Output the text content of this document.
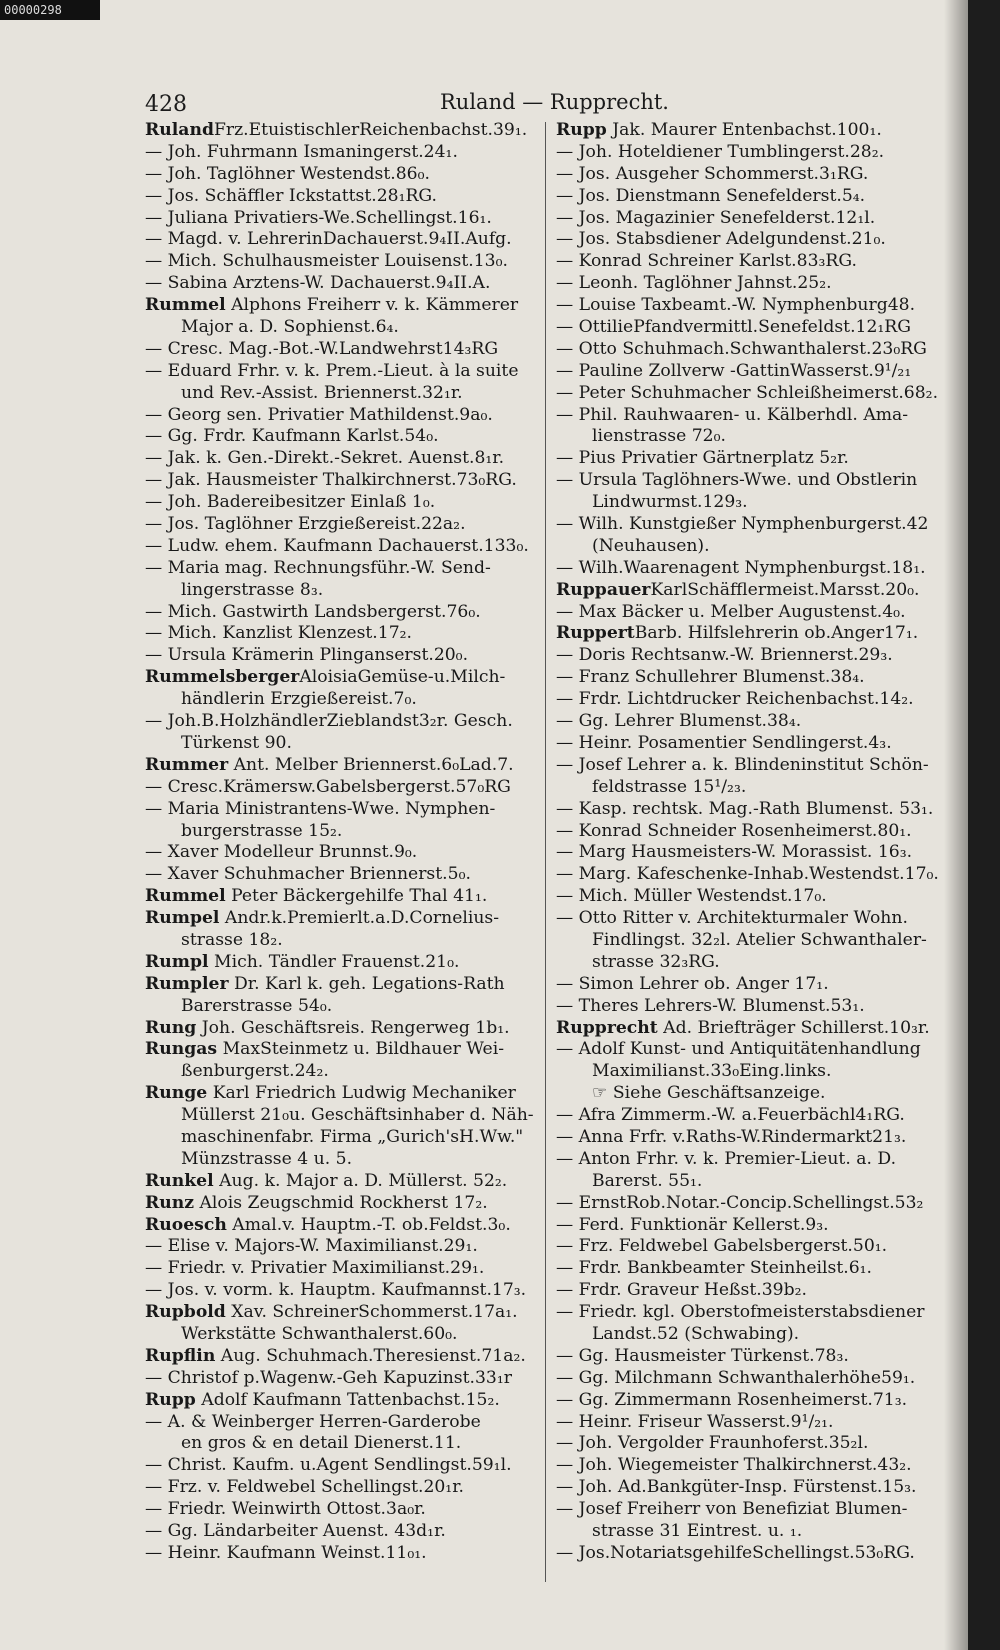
00000298
428	Ruland — Rupprecht.
RulandFrz.EtuistischlerReichenbachst.39₁.
— Joh. Fuhrmann Ismaningerst.24₁.
— Joh. Taglöhner Westendst.86₀.
— Jos. Schäffler Ickstattst.28₁RG.
— Juliana Privatiers-We.Schellingst.16₁.
— Magd. v. LehrerinDachauerst.9₄II.Aufg.
— Mich. Schulhausmeister Louisenst.13₀.
— Sabina Arztens-W. Dachauerst.9₄II.A.
Rummel Alphons Freiherr v. k. Kämmerer
Major a. D. Sophienst.6₄.
— Cresc. Mag.-Bot.-W.Landwehrst14₃RG
— Eduard Frhr. v. k. Prem.-Lieut. à la suite
und Rev.-Assist. Briennerst.32₁r.
— Georg sen. Privatier Mathildenst.9a₀.
— Gg. Frdr. Kaufmann Karlst.54₀.
— Jak. k. Gen.-Direkt.-Sekret. Auenst.8₁r.
— Jak. Hausmeister Thalkirchnerst.73₀RG.
— Joh. Badereibesitzer Einlaß 1₀.
— Jos. Taglöhner Erzgießereist.22a₂.
— Ludw. ehem. Kaufmann Dachauerst.133₀.
— Maria mag. Rechnungsführ.-W. Send-
lingerstrasse 8₃.
— Mich. Gastwirth Landsbergerst.76₀.
— Mich. Kanzlist Klenzest.17₂.
— Ursula Krämerin Plinganserst.20₀.
RummelsbergerAloisiaGemüse-u.Milch-
händlerin Erzgießereist.7₀.
— Joh.B.HolzhändlerZieblandst3₂r. Gesch.
Türkenst 90.
Rummer Ant. Melber Briennerst.6₀Lad.7.
— Cresc.Krämersw.Gabelsbergerst.57₀RG
— Maria Ministrantens-Wwe. Nymphen-
burgerstrasse 15₂.
— Xaver Modelleur Brunnst.9₀.
— Xaver Schuhmacher Briennerst.5₀.
Rummel Peter Bäckergehilfe Thal 41₁.
Rumpel Andr.k.Premierlt.a.D.Cornelius-
strasse 18₂.
Rumpl Mich. Tändler Frauenst.21₀.
Rumpler Dr. Karl k. geh. Legations-Rath
Barerstrasse 54₀.
Rung Joh. Geschäftsreis. Rengerweg 1b₁.
Rungas MaxSteinmetz u. Bildhauer Wei-
ßenburgerst.24₂.
Runge Karl Friedrich Ludwig Mechaniker
Müllerst 21₀u. Geschäftsinhaber d. Näh-
maschinenfabr. Firma „Gurich'sH.Ww."
Münzstrasse 4 u. 5.
Runkel Aug. k. Major a. D. Müllerst. 52₂.
Runz Alois Zeugschmid Rockherst 17₂.
Ruoesch Amal.v. Hauptm.-T. ob.Feldst.3₀.
— Elise v. Majors-W. Maximilianst.29₁.
— Friedr. v. Privatier Maximilianst.29₁.
— Jos. v. vorm. k. Hauptm. Kaufmannst.17₃.
Rupbold Xav. SchreinerSchommerst.17a₁.
Werkstätte Schwanthalerst.60₀.
Rupflin Aug. Schuhmach.Theresienst.71a₂.
— Christof p.Wagenw.-Geh Kapuzinst.33₁r
Rupp Adolf Kaufmann Tattenbachst.15₂.
— A. & Weinberger Herren-Garderobe
en gros & en detail Dienerst.11.
— Christ. Kaufm. u.Agent Sendlingst.59₁l.
— Frz. v. Feldwebel Schellingst.20₁r.
— Friedr. Weinwirth Ottost.3a₀r.
— Gg. Ländarbeiter Auenst. 43d₁r.
— Heinr. Kaufmann Weinst.11₀₁.
Rupp Jak. Maurer Entenbachst.100₁.
— Joh. Hoteldiener Tumblingerst.28₂.
— Jos. Ausgeher Schommerst.3₁RG.
— Jos. Dienstmann Senefelderst.5₄.
— Jos. Magazinier Senefelderst.12₁l.
— Jos. Stabsdiener Adelgundenst.21₀.
— Konrad Schreiner Karlst.83₃RG.
— Leonh. Taglöhner Jahnst.25₂.
— Louise Taxbeamt.-W. Nymphenburg48.
— OttiliePfandvermittl.Senefeldst.12₁RG
— Otto Schuhmach.Schwanthalerst.23₀RG
— Pauline Zollverw -GattinWasserst.9¹/₂₁
— Peter Schuhmacher Schleißheimerst.68₂.
— Phil. Rauhwaaren- u. Kälberhdl. Ama-
lienstrasse 72₀.
— Pius Privatier Gärtnerplatz 5₂r.
— Ursula Taglöhners-Wwe. und Obstlerin
Lindwurmst.129₃.
— Wilh. Kunstgießer Nymphenburgerst.42
(Neuhausen).
— Wilh.Waarenagent Nymphenburgst.18₁.
RuppauerKarlSchäfflermeist.Marsst.20₀.
— Max Bäcker u. Melber Augustenst.4₀.
RuppertBarb. Hilfslehrerin ob.Anger17₁.
— Doris Rechtsanw.-W. Briennerst.29₃.
— Franz Schullehrer Blumenst.38₄.
— Frdr. Lichtdrucker Reichenbachst.14₂.
— Gg. Lehrer Blumenst.38₄.
— Heinr. Posamentier Sendlingerst.4₃.
— Josef Lehrer a. k. Blindeninstitut Schön-
feldstrasse 15¹/₂₃.
— Kasp. rechtsk. Mag.-Rath Blumenst. 53₁.
— Konrad Schneider Rosenheimerst.80₁.
— Marg Hausmeisters-W. Morassist. 16₃.
— Marg. Kafeschenke-Inhab.Westendst.17₀.
— Mich. Müller Westendst.17₀.
— Otto Ritter v. Architekturmaler Wohn.
Findlingst. 32₂l. Atelier Schwanthaler-
strasse 32₃RG.
— Simon Lehrer ob. Anger 17₁.
— Theres Lehrers-W. Blumenst.53₁.
Rupprecht Ad. Briefträger Schillerst.10₃r.
— Adolf Kunst- und Antiquitätenhandlung
Maximilianst.33₀Eing.links.
☞ Siehe Geschäftsanzeige.
— Afra Zimmerm.-W. a.Feuerbächl4₁RG.
— Anna Frfr. v.Raths-W.Rindermarkt21₃.
— Anton Frhr. v. k. Premier-Lieut. a. D.
Barerst. 55₁.
— ErnstRob.Notar.-Concip.Schellingst.53₂
— Ferd. Funktionär Kellerst.9₃.
— Frz. Feldwebel Gabelsbergerst.50₁.
— Frdr. Bankbeamter Steinheilst.6₁.
— Frdr. Graveur Heßst.39b₂.
— Friedr. kgl. Oberstofmeisterstabsdiener
Landst.52 (Schwabing).
— Gg. Hausmeister Türkenst.78₃.
— Gg. Milchmann Schwanthalerhöhe59₁.
— Gg. Zimmermann Rosenheimerst.71₃.
— Heinr. Friseur Wasserst.9¹/₂₁.
— Joh. Vergolder Fraunhoferst.35₂l.
— Joh. Wiegemeister Thalkirchnerst.43₂.
— Joh. Ad.Bankgüter-Insp. Fürstenst.15₃.
— Josef Freiherr von Benefiziat Blumen-
strasse 31 Eintrest. u. ₁.
— Jos.NotariatsgehilfeSchellingst.53₀RG.
